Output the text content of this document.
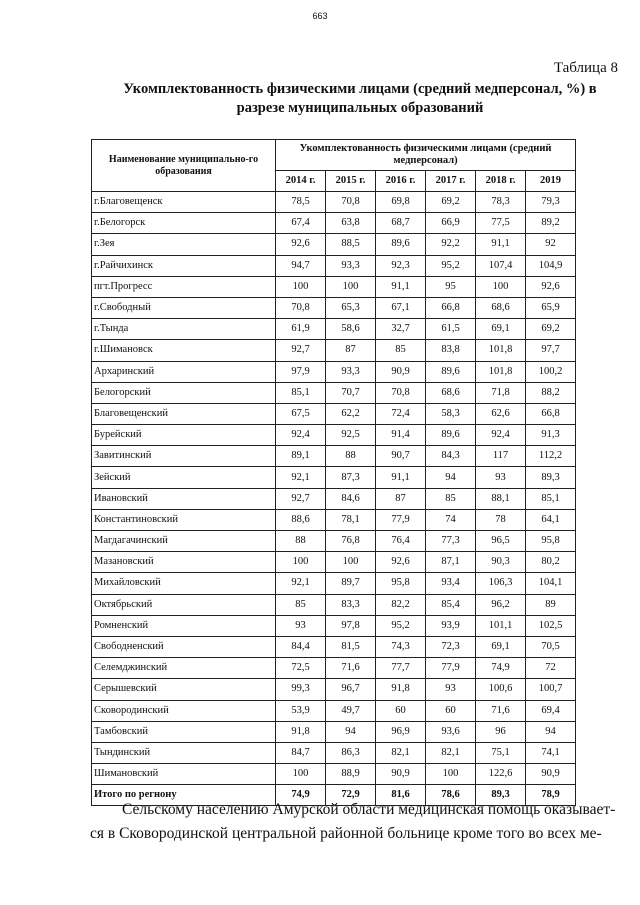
663
Таблица 8
Укомплектованность физическими лицами (средний медперсонал, %) в
разрезе муниципальных образований
Наименование муниципально-го образования	Укомплектованность физическими лицами (средний медперсонал)					
	2014 г.	2015 г.	2016 г.	2017 г.	2018 г.	2019
г.Благовещенск	78,5	70,8	69,8	69,2	78,3	79,3
г.Белогорск	67,4	63,8	68,7	66,9	77,5	89,2
г.Зея	92,6	88,5	89,6	92,2	91,1	92
г.Райчихинск	94,7	93,3	92,3	95,2	107,4	104,9
пгт.Прогресс	100	100	91,1	95	100	92,6
г.Свободный	70,8	65,3	67,1	66,8	68,6	65,9
г.Тында	61,9	58,6	32,7	61,5	69,1	69,2
г.Шимановск	92,7	87	85	83,8	101,8	97,7
Архаринский	97,9	93,3	90,9	89,6	101,8	100,2
Белогорский	85,1	70,7	70,8	68,6	71,8	88,2
Благовещенский	67,5	62,2	72,4	58,3	62,6	66,8
Бурейский	92,4	92,5	91,4	89,6	92,4	91,3
Завитинский	89,1	88	90,7	84,3	117	112,2
Зейский	92,1	87,3	91,1	94	93	89,3
Ивановский	92,7	84,6	87	85	88,1	85,1
Константиновский	88,6	78,1	77,9	74	78	64,1
Магдагачинский	88	76,8	76,4	77,3	96,5	95,8
Мазановский	100	100	92,6	87,1	90,3	80,2
Михайловский	92,1	89,7	95,8	93,4	106,3	104,1
Октябрьский	85	83,3	82,2	85,4	96,2	89
Ромненский	93	97,8	95,2	93,9	101,1	102,5
Свободненский	84,4	81,5	74,3	72,3	69,1	70,5
Селемджинский	72,5	71,6	77,7	77,9	74,9	72
Серышевский	99,3	96,7	91,8	93	100,6	100,7
Сковородинский	53,9	49,7	60	60	71,6	69,4
Тамбовский	91,8	94	96,9	93,6	96	94
Тындинский	84,7	86,3	82,1	82,1	75,1	74,1
Шимановский	100	88,9	90,9	100	122,6	90,9
Итого по регнону	74,9	72,9	81,6	78,6	89,3	78,9
Сельскому населению Амурской области медицинская помощь оказывает-
ся в Сковородинской центральной районной больнице кроме того во всех ме-
